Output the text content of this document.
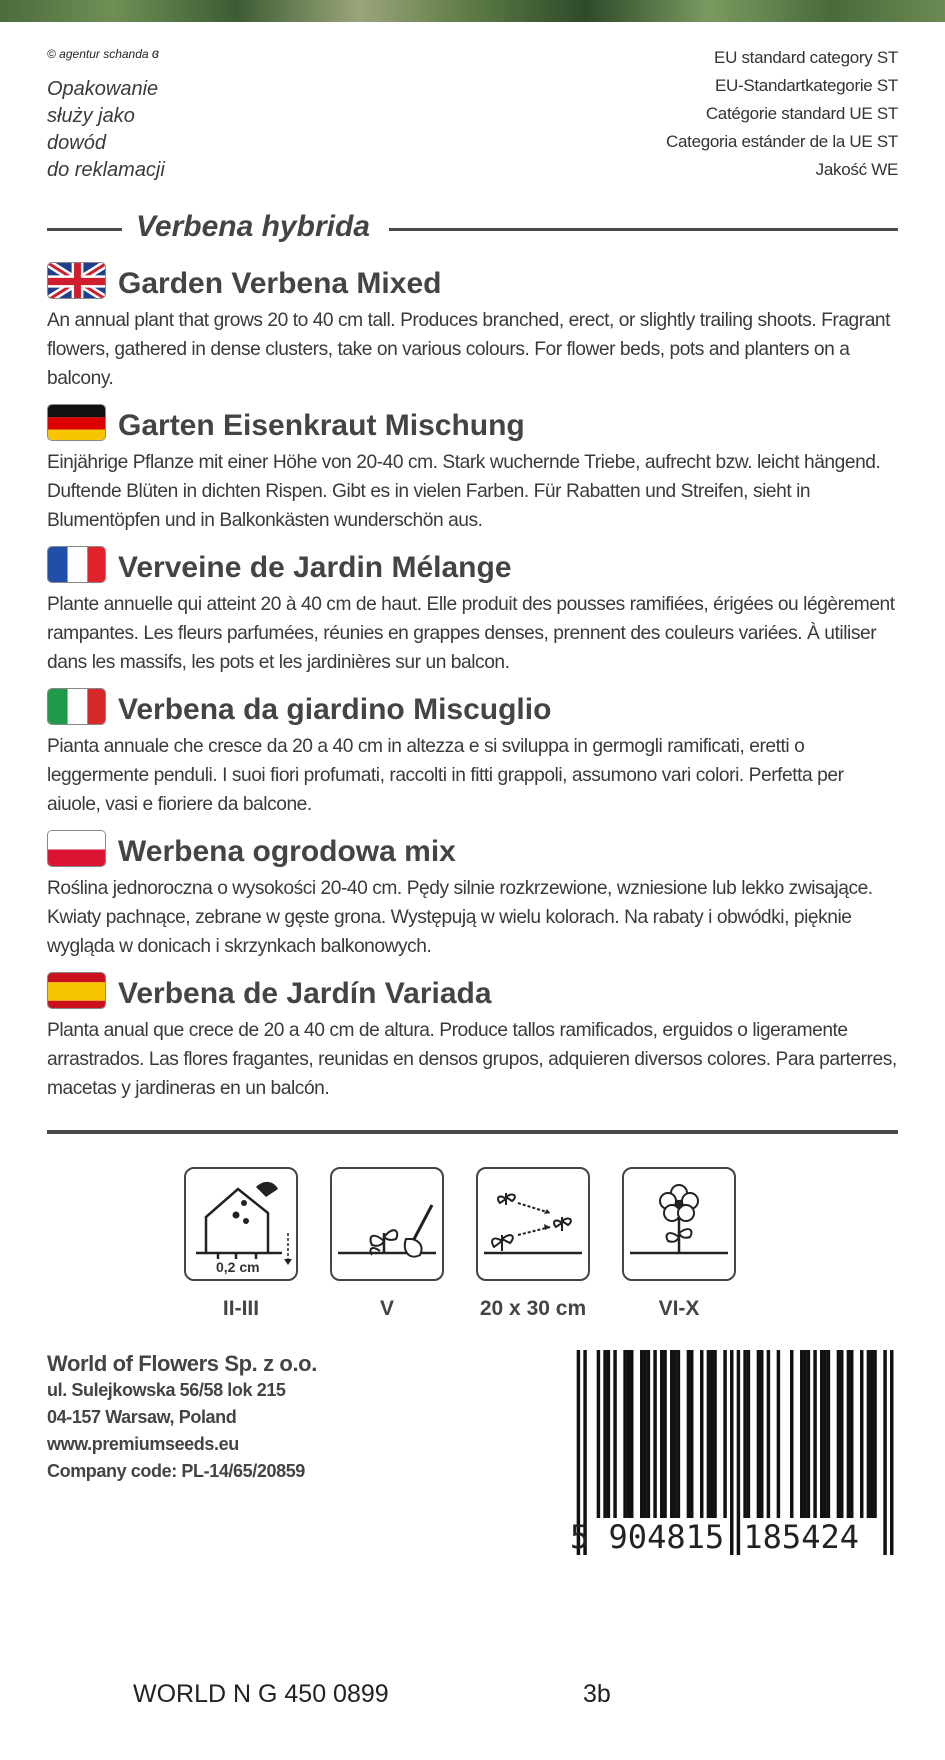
© agentur schanda ɞ
Opakowanie
służy jako
dowód
do reklamacji
EU standard category ST
EU-Standartkategorie ST
Catégorie standard UE ST
Categoria estánder de la UE ST
Jakość WE
Verbena hybrida
Garden Verbena Mixed
An annual plant that grows 20 to 40 cm tall. Produces branched, erect, or slightly trailing shoots. Fragrant flowers, gathered in dense clusters, take on various colours. For flower beds, pots and planters on a balcony.
Garten Eisenkraut Mischung
Einjährige Pflanze mit einer Höhe von 20-40 cm. Stark wuchernde Triebe, aufrecht bzw. leicht hängend. Duftende Blüten in dichten Rispen. Gibt es in vielen Farben. Für Rabatten und Streifen, sieht in Blumentöpfen und in Balkonkästen wunderschön aus.
Verveine de Jardin Mélange
Plante annuelle qui atteint 20 à 40 cm de haut. Elle produit des pousses ramifiées, érigées ou légèrement rampantes. Les fleurs parfumées, réunies en grappes denses, prennent des couleurs variées. À utiliser dans les massifs, les pots et les jardinières sur un balcon.
Verbena da giardino Miscuglio
Pianta annuale che cresce da 20 a 40 cm in altezza e si sviluppa in germogli ramificati, eretti o leggermente penduli. I suoi fiori profumati, raccolti in fitti grappoli, assumono vari colori. Perfetta per aiuole, vasi e fioriere da balcone.
Werbena ogrodowa mix
Roślina jednoroczna o wysokości 20-40 cm. Pędy silnie rozkrzewione, wzniesione lub lekko zwisające. Kwiaty pachnące, zebrane w gęste grona. Występują w wielu kolorach. Na rabaty i obwódki, pięknie wygląda w donicach i skrzynkach balkonowych.
Verbena de Jardín Variada
Planta anual que crece de 20 a 40 cm de altura. Produce tallos ramificados, erguidos o ligeramente arrastrados. Las flores fragantes, reunidas en densos grupos, adquieren diversos colores. Para parterres, macetas y jardineras en un balcón.
0,2 cm
II-III	V	20 x 30 cm	VI-X
World of Flowers Sp. z o.o.
ul. Sulejkowska 56/58 lok 215
04-157 Warsaw, Poland
www.premiumseeds.eu
Company code: PL-14/65/20859
5 904815 185424
WORLD N G 450 0899	3b
